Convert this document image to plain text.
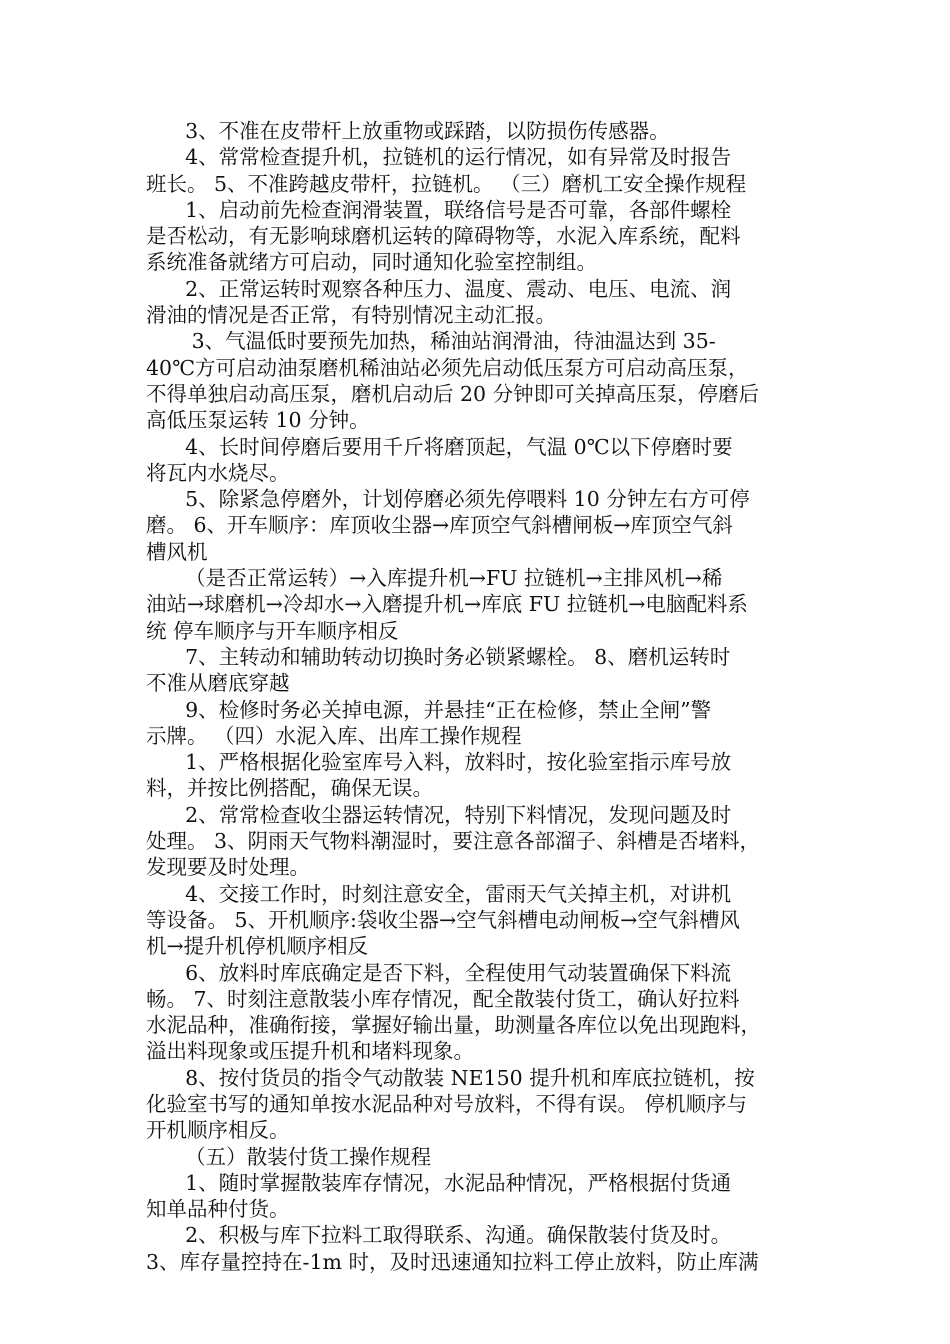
3、不准在皮带杆上放重物或踩踏，以防损伤传感器。
4、常常检查提升机，拉链机的运行情况，如有异常及时报告
班长。 5、不准跨越皮带杆，拉链机。 （三）磨机工安全操作规程
1、启动前先检查润滑装置，联络信号是否可靠，各部件螺栓
是否松动，有无影响球磨机运转的障碍物等，水泥入库系统，配料
系统准备就绪方可启动，同时通知化验室控制组。
2、正常运转时观察各种压力、温度、震动、电压、电流、润
滑油的情况是否正常，有特别情况主动汇报。
3、气温低时要预先加热，稀油站润滑油，待油温达到 35-
40℃方可启动油泵磨机稀油站必须先启动低压泵方可启动高压泵，
不得单独启动高压泵，磨机启动后 20 分钟即可关掉高压泵，停磨后
高低压泵运转 10 分钟。
4、长时间停磨后要用千斤将磨顶起，气温 0℃以下停磨时要
将瓦内水烧尽。
5、除紧急停磨外，计划停磨必须先停喂料 10 分钟左右方可停
磨。 6、开车顺序：库顶收尘器→库顶空气斜槽闸板→库顶空气斜
槽风机
（是否正常运转）→入库提升机→FU 拉链机→主排风机→稀
油站→球磨机→冷却水→入磨提升机→库底 FU 拉链机→电脑配料系
统 停车顺序与开车顺序相反
7、主转动和辅助转动切换时务必锁紧螺栓。 8、磨机运转时
不准从磨底穿越
9、检修时务必关掉电源，并悬挂“正在检修，禁止全闸”警
示牌。 （四）水泥入库、出库工操作规程
1、严格根据化验室库号入料，放料时，按化验室指示库号放
料，并按比例搭配，确保无误。
2、常常检查收尘器运转情况，特别下料情况，发现问题及时
处理。 3、阴雨天气物料潮湿时，要注意各部溜子、斜槽是否堵料，
发现要及时处理。
4、交接工作时，时刻注意安全，雷雨天气关掉主机，对讲机
等设备。 5、开机顺序:袋收尘器→空气斜槽电动闸板→空气斜槽风
机→提升机停机顺序相反
6、放料时库底确定是否下料，全程使用气动装置确保下料流
畅。 7、时刻注意散装小库存情况，配全散装付货工，确认好拉料
水泥品种，准确衔接，掌握好输出量，助测量各库位以免出现跑料，
溢出料现象或压提升机和堵料现象。
8、按付货员的指令气动散装 NE150 提升机和库底拉链机，按
化验室书写的通知单按水泥品种对号放料，不得有误。 停机顺序与
开机顺序相反。
（五）散装付货工操作规程
1、随时掌握散装库存情况，水泥品种情况，严格根据付货通
知单品种付货。
2、积极与库下拉料工取得联系、沟通。确保散装付货及时。
3、库存量控持在-1m 时，及时迅速通知拉料工停止放料，防止库满
